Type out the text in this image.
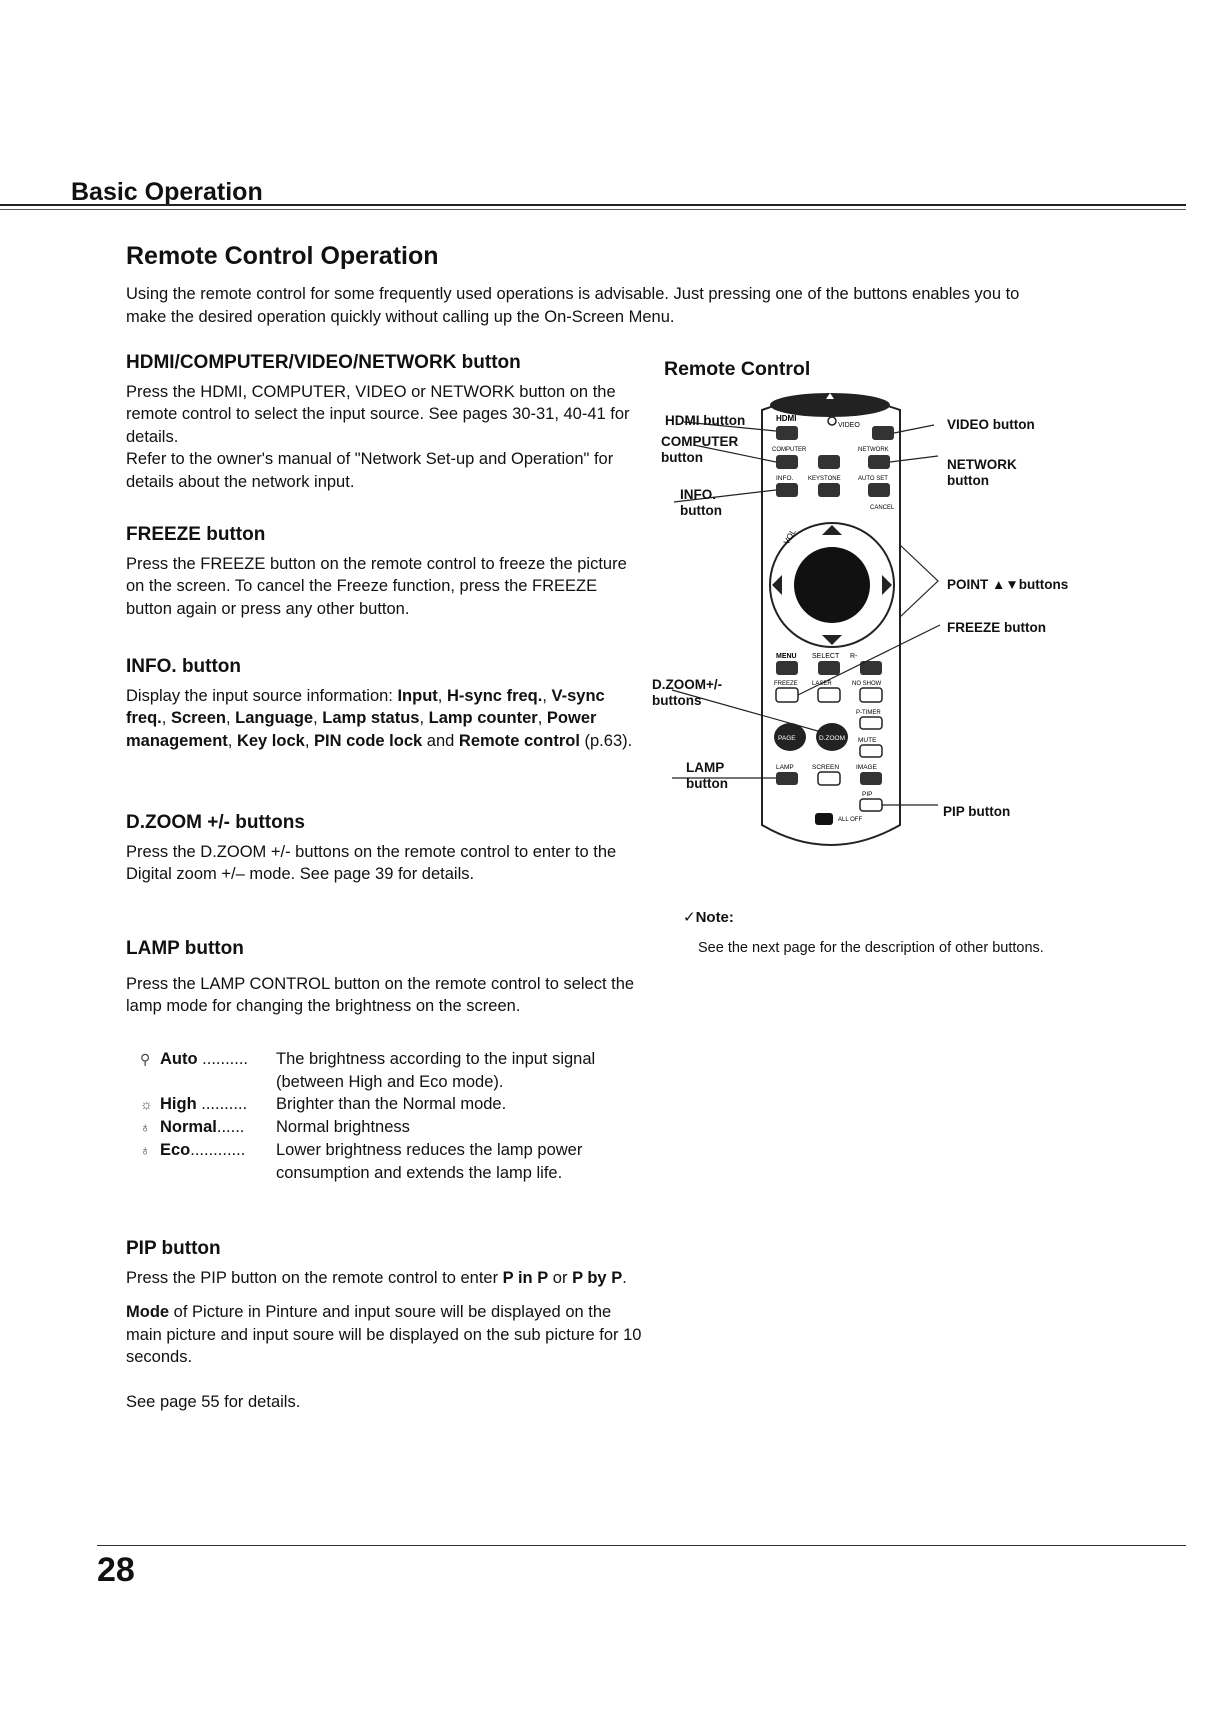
Basic Operation
Remote Control Operation
Using the remote control for some frequently used operations is advisable. Just pressing one of the buttons enables you to make the desired operation quickly without calling up the On-Screen Menu.

HDMI/COMPUTER/VIDEO/NETWORK button

Press the HDMI, COMPUTER, VIDEO or NETWORK button on the remote control to select the input source. See pages 30-31, 40-41 for details.

Refer to the owner's manual of "Network Set-up and Operation" for details about the network input.

FREEZE button

Press the FREEZE button on the remote control to freeze the picture on the screen. To cancel the Freeze function, press the FREEZE button again or press any other button.

INFO. button

Display the input source information: Input, H-sync freq., V-sync freq., Screen, Language, Lamp status, Lamp counter, Power management, Key lock, PIN code lock and Remote control (p.63).

D.ZOOM +/- buttons

Press the D.ZOOM +/- buttons on the remote control to enter to the Digital zoom +/– mode. See page 39 for details.

LAMP button

Press the LAMP CONTROL button on the remote control to select the lamp mode for changing the brightness on the screen.

⚲ Auto .......... The brightness according to the input signal (between High and Eco mode).
☼ High .......... Brighter than the Normal mode.
♁ Normal...... Normal brightness
♁ Eco............ Lower brightness reduces the lamp power consumption and extends the lamp life.

PIP button

Press the PIP button on the remote control to enter P in P or P by P.

Mode of Picture in Pinture and input soure will be displayed on the main picture and input soure will be displayed on the sub picture for 10 seconds.

See page 55 for details.

Remote Control
HDMI
VIDEO
COMPUTER	NETWORK
INFO. KEYSTONE	AUTO SET
CANCEL
VOL
MENU SELECT R-
FREEZE LASER	NO SHOW
P-TIMER
PAGE	D.ZOOM MUTE
LAMP	SCREEN	IMAGE
PIP
ALL OFF
HDMI button
COMPUTER
button
INFO.
button
D.ZOOM+/-
buttons
LAMP
button
VIDEO button
NETWORK
button
POINT ▲▼buttons
FREEZE button
PIP button
✓Note:
See the next page for the description of other buttons.
28
